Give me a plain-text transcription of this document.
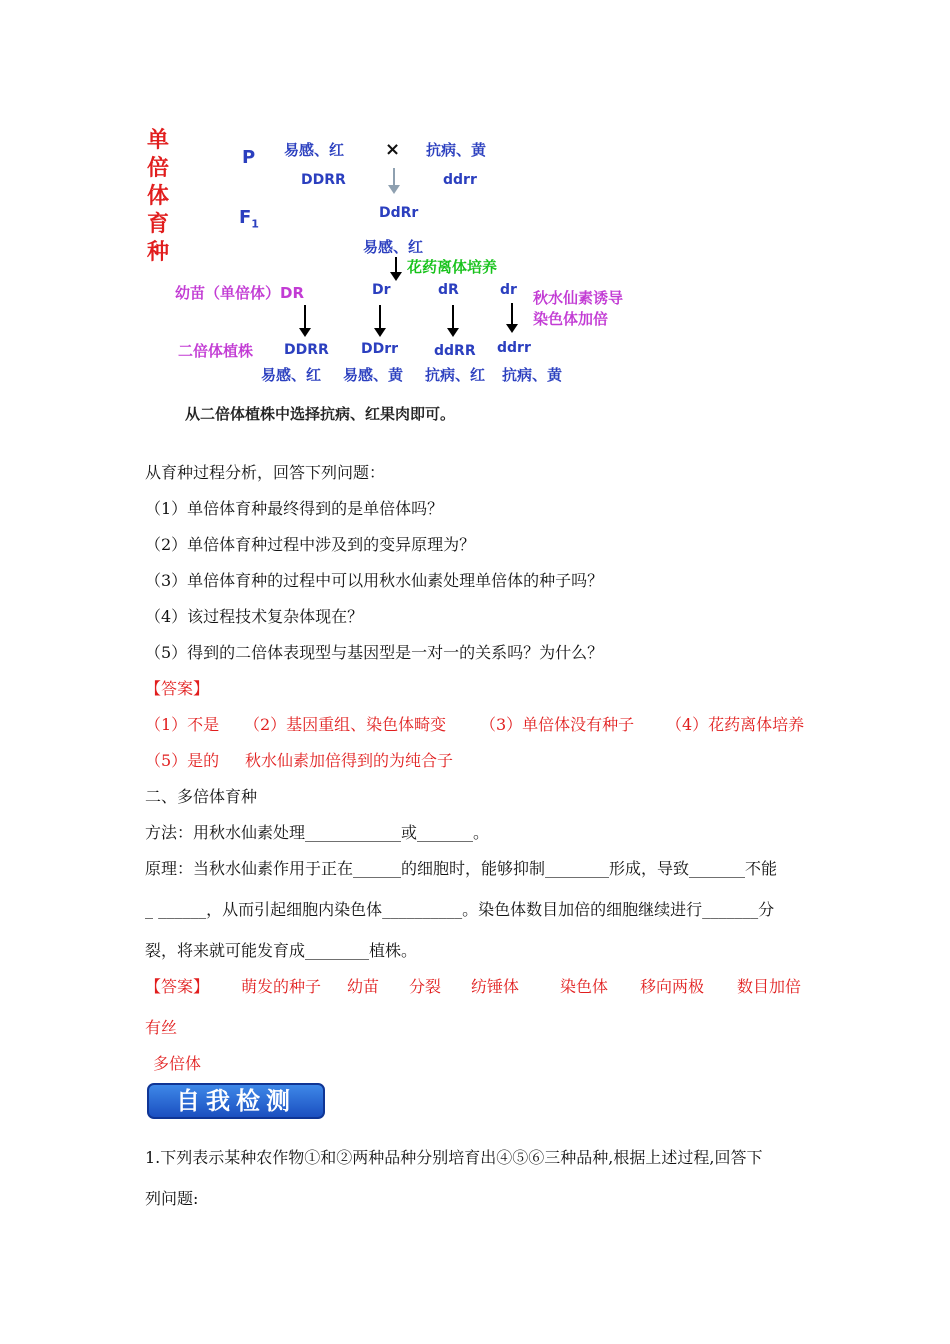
单倍体育种
P
$F_1$
易感、红 × 抗病、黄
DDRR	ddrr
DdRr
易感、红
花药离体培养
幼苗（单倍体）DR	Dr	dR	dr 秋水仙素诱导
染色体加倍
二倍体植株 DDRR DDrr	ddRR ddrr
易感、红 易感、黄 抗病、红 抗病、黄
从二倍体植株中选择抗病、红果肉即可。
从育种过程分析，回答下列问题：
（1）单倍体育种最终得到的是单倍体吗？
（2）单倍体育种过程中涉及到的变异原理为？
（3）单倍体育种的过程中可以用秋水仙素处理单倍体的种子吗？
（4）该过程技术复杂体现在？
（5）得到的二倍体表现型与基因型是一对一的关系吗？为什么？
【答案】
（1）不是 （2）基因重组、染色体畸变 （3）单倍体没有种子 （4）花药离体培养
（5）是的 秋水仙素加倍得到的为纯合子
二、多倍体育种
方法：用秋水仙素处理____________或_______。
原理：当秋水仙素作用于正在______的细胞时，能够抑制________形成，导致_______不能
_ ______，从而引起细胞内染色体__________。染色体数目加倍的细胞继续进行_______分
裂，将来就可能发育成________植株。
【答案】 萌发的种子 幼苗 分裂 纺锤体	染色体 移向两极 数目加倍
有丝
多倍体
自我检测
1.下列表示某种农作物①和②两种品种分别培育出④⑤⑥三种品种,根据上述过程,回答下
列问题:
